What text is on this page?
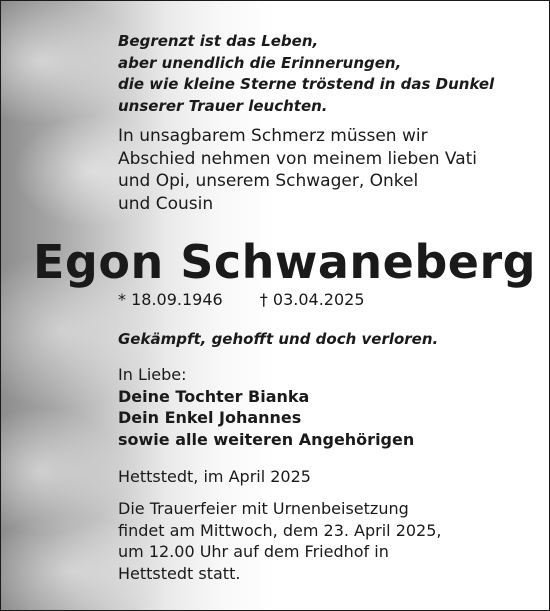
Begrenzt ist das Leben,
aber unendlich die Erinnerungen,
die wie kleine Sterne tröstend in das Dunkel
unserer Trauer leuchten.

In unsagbarem Schmerz müssen wir
Abschied nehmen von meinem lieben Vati
und Opi, unserem Schwager, Onkel
und Cousin

Egon Schwaneberg
* 18.09.1946 † 03.04.2025
Gekämpft, gehofft und doch verloren.
In Liebe:
Deine Tochter Bianka
Dein Enkel Johannes
sowie alle weiteren Angehörigen
Hettstedt, im April 2025
Die Trauerfeier mit Urnenbeisetzung
findet am Mittwoch, dem 23. April 2025,
um 12.00 Uhr auf dem Friedhof in
Hettstedt statt.
